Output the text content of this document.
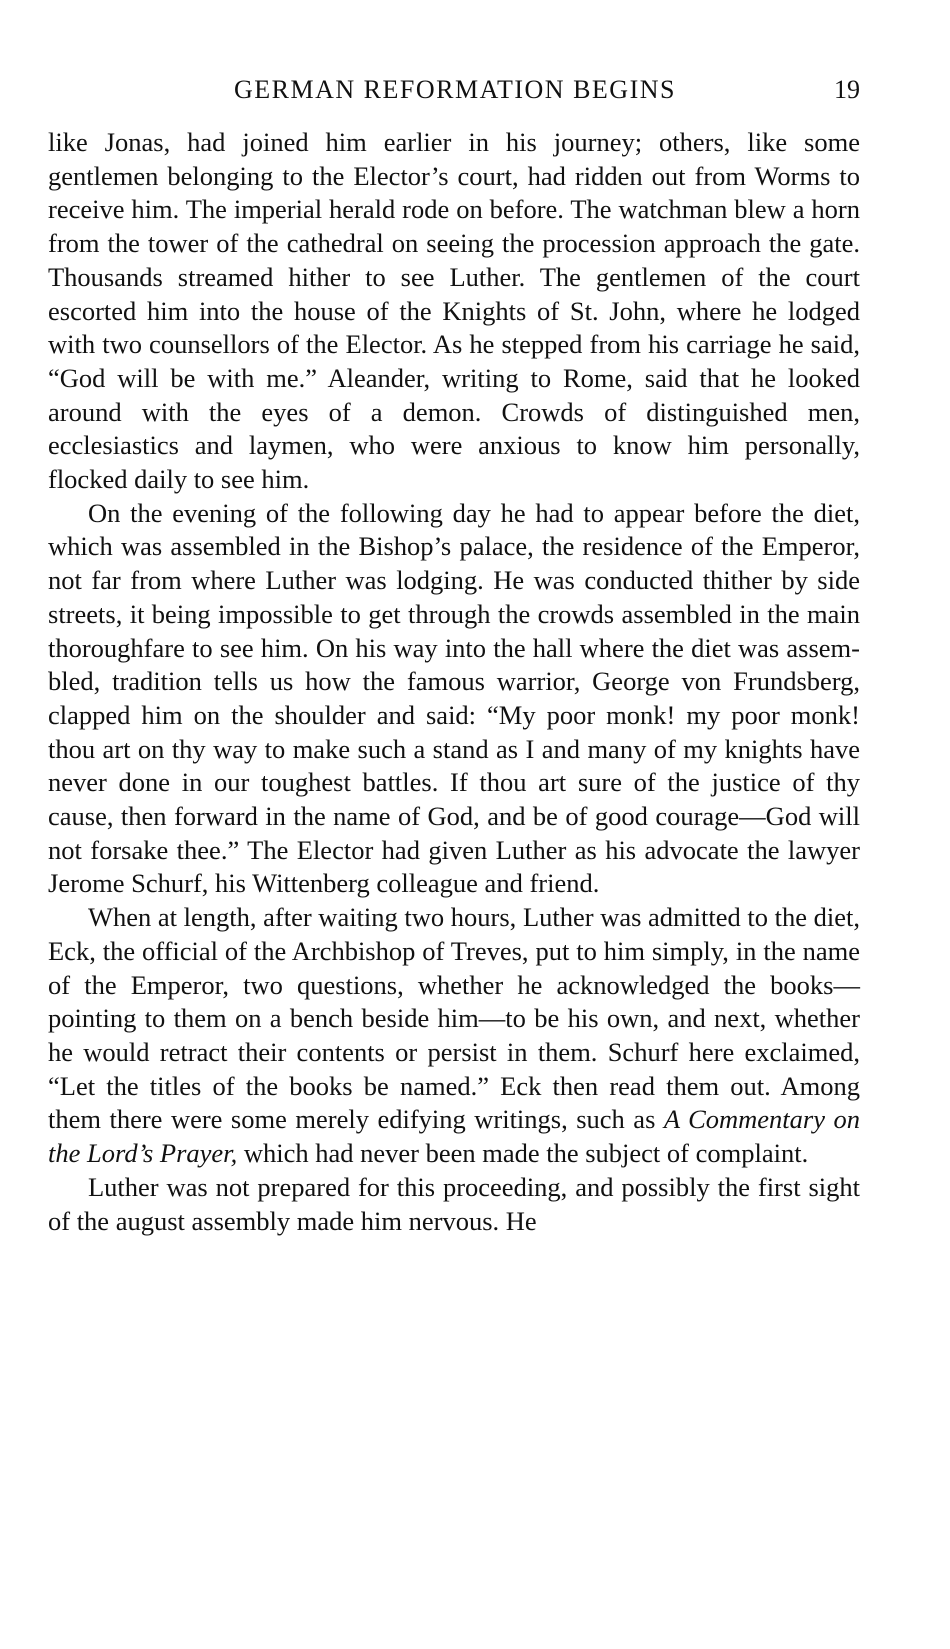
GERMAN REFORMATION BEGINS	19

like Jonas, had joined him earlier in his journey; others, like some gentlemen belonging to the Elector’s court, had ridden out from Worms to receive him. The imperial herald rode on before. The watchman blew a horn from the tower of the cathedral on seeing the procession approach the gate. Thousands streamed hither to see Luther. The gentlemen of the court escorted him into the house of the Knights of St. John, where he lodged with two counsellors of the Elector. As he stepped from his carriage he said, “God will be with me.” Aleander, writing to Rome, said that he looked around with the eyes of a demon. Crowds of distinguished men, ecclesiastics and laymen, who were anxious to know him personally, flocked daily to see him.

On the evening of the following day he had to appear before the diet, which was assembled in the Bishop’s palace, the residence of the Emperor, not far from where Luther was lodging. He was conducted thither by side streets, it being impossible to get through the crowds assembled in the main thoroughfare to see him. On his way into the hall where the diet was assembled, tradition tells us how the famous warrior, George von Frundsberg, clapped him on the shoulder and said: “My poor monk! my poor monk! thou art on thy way to make such a stand as I and many of my knights have never done in our toughest battles. If thou art sure of the justice of thy cause, then forward in the name of God, and be of good courage—God will not forsake thee.” The Elector had given Luther as his advocate the lawyer Jerome Schurf, his Wittenberg colleague and friend.

When at length, after waiting two hours, Luther was admitted to the diet, Eck, the official of the Archbishop of Treves, put to him simply, in the name of the Emperor, two questions, whether he acknowledged the books—pointing to them on a bench beside him—to be his own, and next, whether he would retract their contents or persist in them. Schurf here exclaimed, “Let the titles of the books be named.” Eck then read them out. Among them there were some merely edifying writings, such as A Commentary on the Lord’s Prayer, which had never been made the subject of complaint.

Luther was not prepared for this proceeding, and possibly the first sight of the august assembly made him nervous. He
